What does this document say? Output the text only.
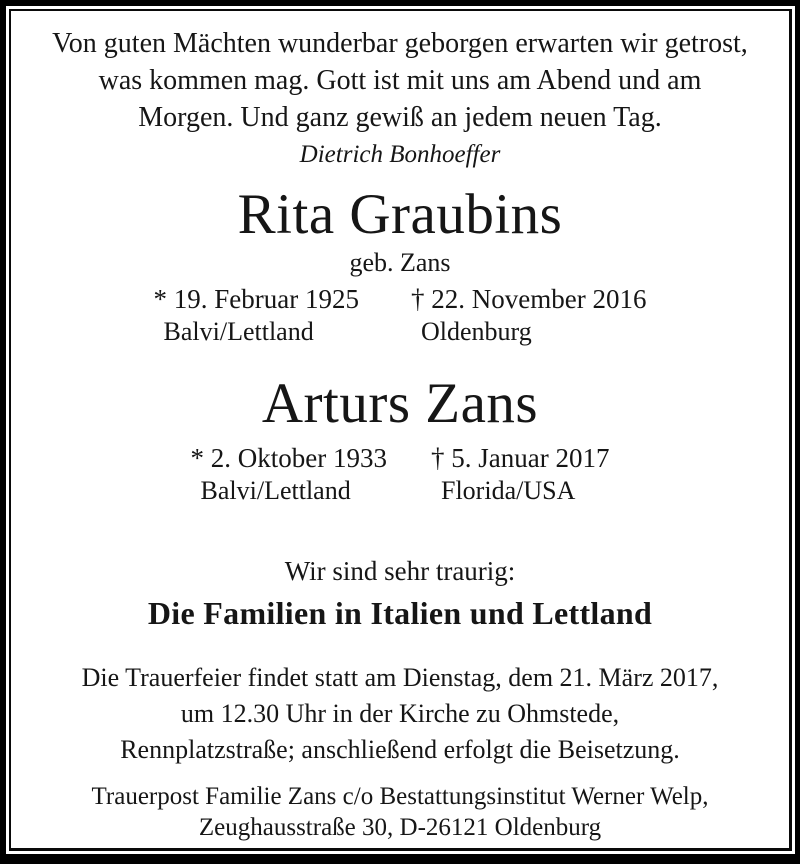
Von guten Mächten wunderbar geborgen erwarten wir getrost,
was kommen mag. Gott ist mit uns am Abend und am
Morgen. Und ganz gewiß an jedem neuen Tag.
Dietrich Bonhoeffer
Rita Graubins
geb. Zans
* 19. Februar 1925
Balvi/Lettland
† 22. November 2016
Oldenburg
Arturs Zans
* 2. Oktober 1933
Balvi/Lettland
† 5. Januar 2017
Florida/USA
Wir sind sehr traurig:
Die Familien in Italien und Lettland
Die Trauerfeier findet statt am Dienstag, dem 21. März 2017,
um 12.30 Uhr in der Kirche zu Ohmstede,
Rennplatzstraße; anschließend erfolgt die Beisetzung.
Trauerpost Familie Zans c/o Bestattungsinstitut Werner Welp,
Zeughausstraße 30, D-26121 Oldenburg
